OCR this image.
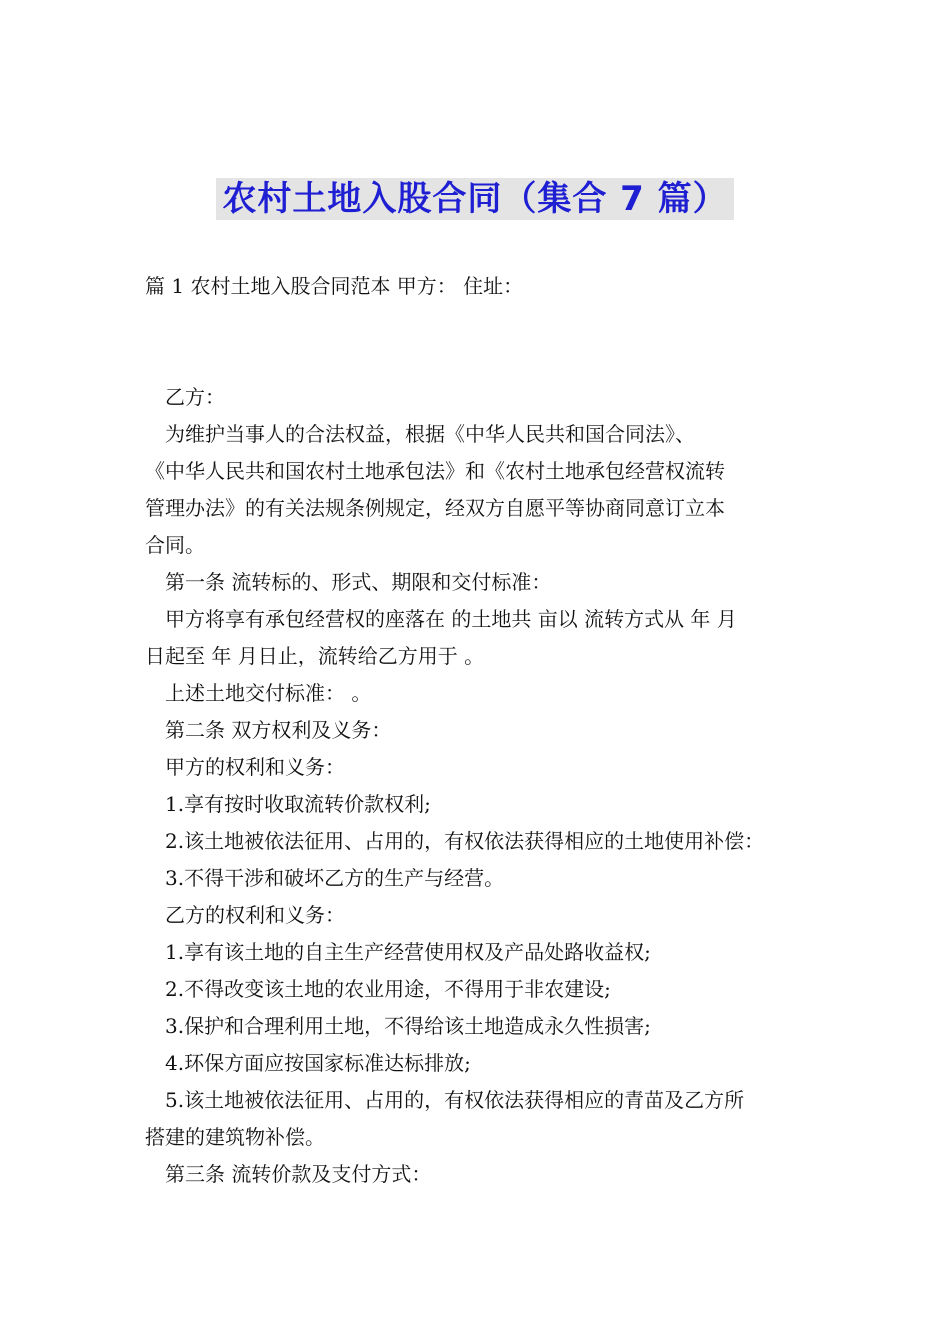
农村土地入股合同（集合 7 篇）
篇 1 农村土地入股合同范本 甲方： 住址：
乙方：
为维护当事人的合法权益，根据《中华人民共和国合同法》、
《中华人民共和国农村土地承包法》和《农村土地承包经营权流转
管理办法》的有关法规条例规定，经双方自愿平等协商同意订立本
合同。
第一条 流转标的、形式、期限和交付标准：
甲方将享有承包经营权的座落在 的土地共 亩以 流转方式从 年 月
日起至 年 月日止，流转给乙方用于 。
上述土地交付标准： 。
第二条 双方权利及义务：
甲方的权利和义务：
1.享有按时收取流转价款权利;
2.该土地被依法征用、占用的，有权依法获得相应的土地使用补偿：
3.不得干涉和破坏乙方的生产与经营。
乙方的权利和义务：
1.享有该土地的自主生产经营使用权及产品处路收益权;
2.不得改变该土地的农业用途，不得用于非农建设;
3.保护和合理利用土地，不得给该土地造成永久性损害;
4.环保方面应按国家标准达标排放;
5.该土地被依法征用、占用的，有权依法获得相应的青苗及乙方所
搭建的建筑物补偿。
第三条 流转价款及支付方式：
